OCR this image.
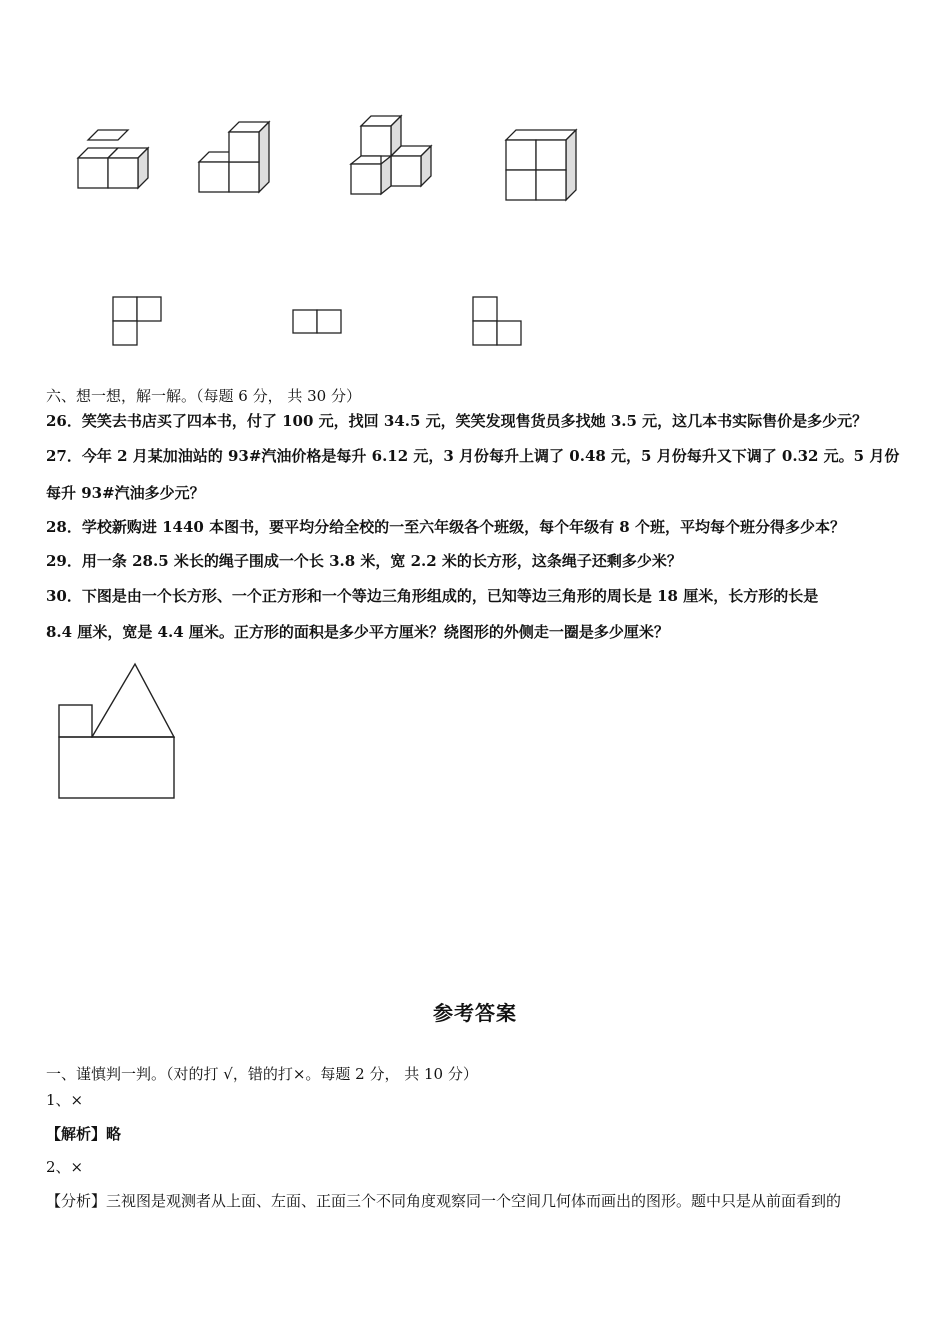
六、想一想，解一解。（每题 6 分， 共 30 分）
26．笑笑去书店买了四本书，付了 100 元，找回 34.5 元，笑笑发现售货员多找她 3.5 元，这几本书实际售价是多少元？
27．今年 2 月某加油站的 93#汽油价格是每升 6.12 元，3 月份每升上调了 0.48 元，5 月份每升又下调了 0.32 元。5 月份
每升 93#汽油多少元？
28．学校新购进 1440 本图书，要平均分给全校的一至六年级各个班级，每个年级有 8 个班，平均每个班分得多少本？
29．用一条 28.5 米长的绳子围成一个长 3.8 米，宽 2.2 米的长方形，这条绳子还剩多少米？
30．下图是由一个长方形、一个正方形和一个等边三角形组成的，已知等边三角形的周长是 18 厘米，长方形的长是
8.4 厘米，宽是 4.4 厘米。正方形的面积是多少平方厘米？绕图形的外侧走一圈是多少厘米？
参考答案
一、谨慎判一判。（对的打 √，错的打×。每题 2 分， 共 10 分）
1、×
【解析】略
2、×
【分析】三视图是观测者从上面、左面、正面三个不同角度观察同一个空间几何体而画出的图形。题中只是从前面看到的
